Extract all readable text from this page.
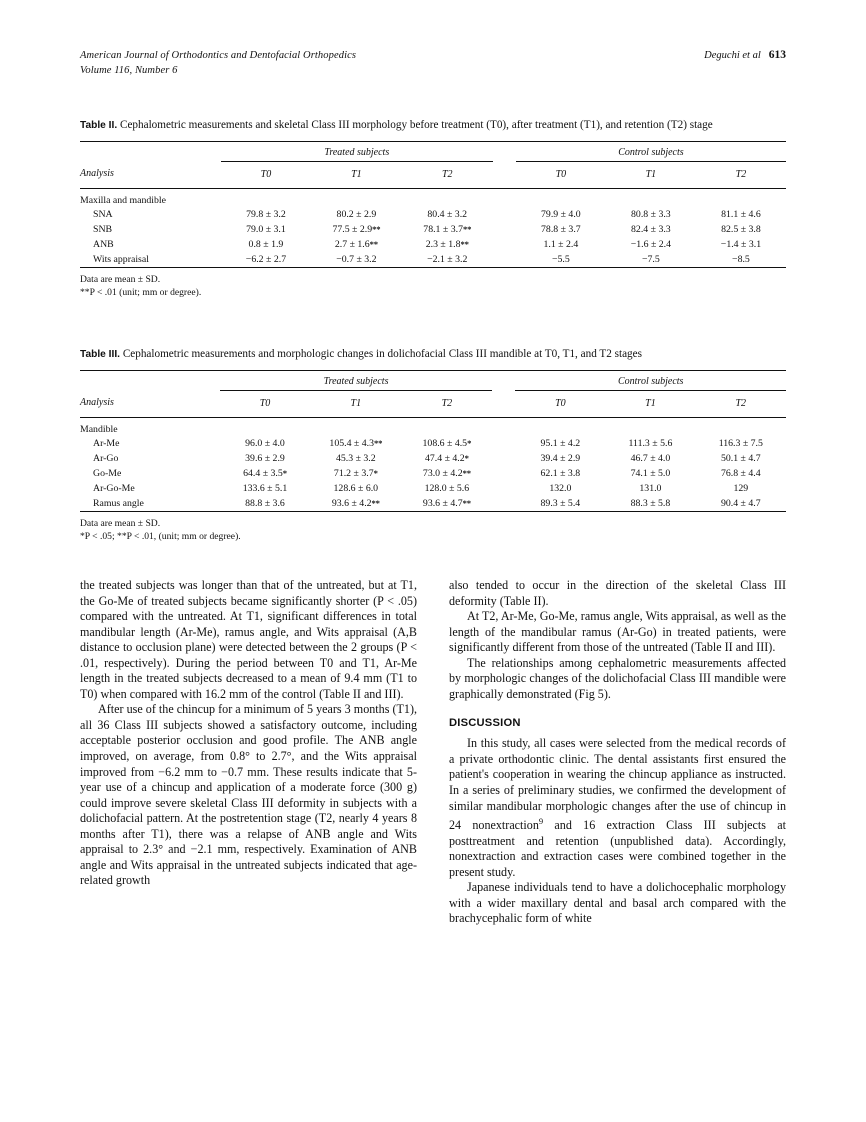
American Journal of Orthodontics and Dentofacial Orthopedics
Volume 116, Number 6
Deguchi et al 613
Table II. Cephalometric measurements and skeletal Class III morphology before treatment (T0), after treatment (T1), and retention (T2) stage

	Treated subjects				Control subjects		

Analysis	T0	T1	T2		T0	T1	T2

Maxilla and mandible							
SNA	79.8 ± 3.2	80.2 ± 2.9	80.4 ± 3.2		79.9 ± 4.0	80.8 ± 3.3	81.1 ± 4.6
SNB	79.0 ± 3.1	77.5 ± 2.9**	78.1 ± 3.7**		78.8 ± 3.7	82.4 ± 3.3	82.5 ± 3.8
ANB	0.8 ± 1.9	2.7 ± 1.6**	2.3 ± 1.8**		1.1 ± 2.4	−1.6 ± 2.4	−1.4 ± 3.1
Wits appraisal	−6.2 ± 2.7	−0.7 ± 3.2	−2.1 ± 3.2		−5.5	−7.5	−8.5

Data are mean ± SD.
**P < .01 (unit; mm or degree).
Table III. Cephalometric measurements and morphologic changes in dolichofacial Class III mandible at T0, T1, and T2 stages

	Treated subjects				Control subjects		

Analysis	T0	T1	T2		T0	T1	T2

Mandible							
Ar-Me	96.0 ± 4.0	105.4 ± 4.3**	108.6 ± 4.5*		95.1 ± 4.2	111.3 ± 5.6	116.3 ± 7.5
Ar-Go	39.6 ± 2.9	45.3 ± 3.2	47.4 ± 4.2*		39.4 ± 2.9	46.7 ± 4.0	50.1 ± 4.7
Go-Me	64.4 ± 3.5*	71.2 ± 3.7*	73.0 ± 4.2**		62.1 ± 3.8	74.1 ± 5.0	76.8 ± 4.4
Ar-Go-Me	133.6 ± 5.1	128.6 ± 6.0	128.0 ± 5.6		132.0	131.0	129
Ramus angle	88.8 ± 3.6	93.6 ± 4.2**	93.6 ± 4.7**		89.3 ± 5.4	88.3 ± 5.8	90.4 ± 4.7

Data are mean ± SD.
*P < .05; **P < .01, (unit; mm or degree).

the treated subjects was longer than that of the untreated, but at T1, the Go-Me of treated subjects became significantly shorter (P < .05) compared with the untreated. At T1, significant differences in total mandibular length (Ar-Me), ramus angle, and Wits appraisal (A,B distance to occlusion plane) were detected between the 2 groups (P < .01, respectively). During the period between T0 and T1, Ar-Me length in the treated subjects decreased to a mean of 9.4 mm (T1 to T0) when compared with 16.2 mm of the control (Table II and III).

After use of the chincup for a minimum of 5 years 3 months (T1), all 36 Class III subjects showed a satisfactory outcome, including acceptable posterior occlusion and good profile. The ANB angle improved, on average, from 0.8° to 2.7°, and the Wits appraisal improved from −6.2 mm to −0.7 mm. These results indicate that 5-year use of a chincup and application of a moderate force (300 g) could improve severe skeletal Class III deformity in subjects with a dolichofacial pattern. At the postretention stage (T2, nearly 4 years 8 months after T1), there was a relapse of ANB angle and Wits appraisal to 2.3° and −2.1 mm, respectively. Examination of ANB angle and Wits appraisal in the untreated subjects indicated that age-related growth

also tended to occur in the direction of the skeletal Class III deformity (Table II).

At T2, Ar-Me, Go-Me, ramus angle, Wits appraisal, as well as the length of the mandibular ramus (Ar-Go) in treated patients, were significantly different from those of the untreated (Table II and III).

The relationships among cephalometric measurements affected by morphologic changes of the dolichofacial Class III mandible were graphically demonstrated (Fig 5).

DISCUSSION

In this study, all cases were selected from the medical records of a private orthodontic clinic. The dental assistants first ensured the patient's cooperation in wearing the chincup appliance as instructed. In a series of preliminary studies, we confirmed the development of similar mandibular morphologic changes after the use of chincup in 24 nonextraction$^9$ and 16 extraction Class III subjects at posttreatment and retention (unpublished data). Accordingly, nonextraction and extraction cases were combined together in the present study.

Japanese individuals tend to have a dolichocephalic morphology with a wider maxillary dental and basal arch compared with the brachycephalic form of white
